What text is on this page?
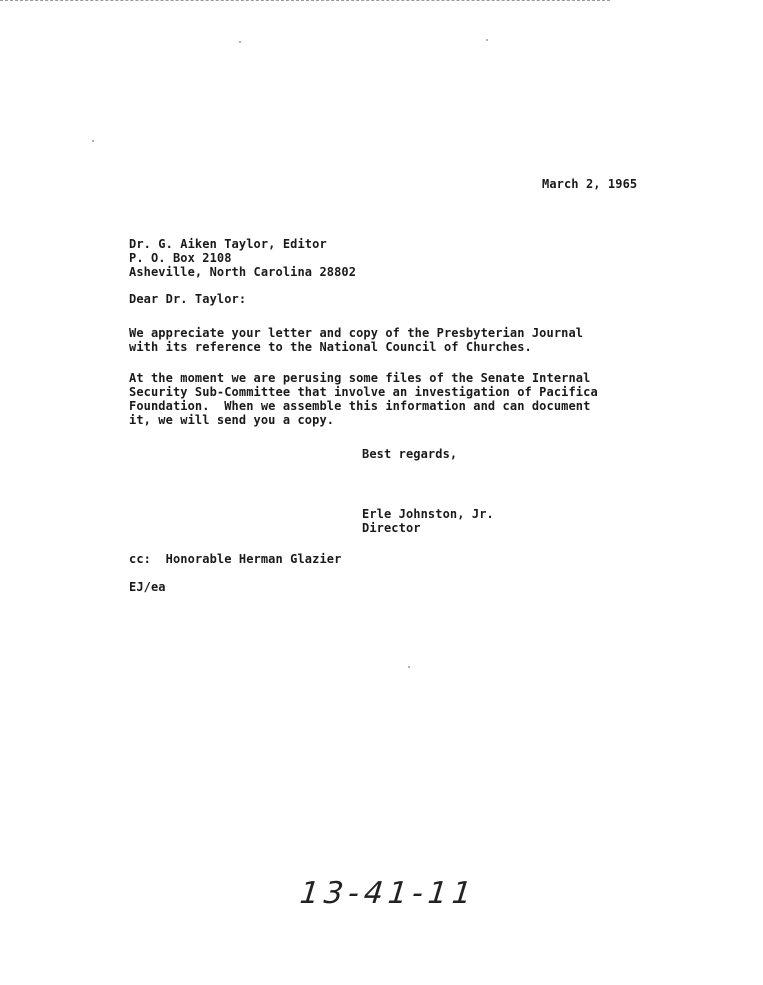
March 2, 1965
Dr. G. Aiken Taylor, Editor
P. O. Box 2108
Asheville, North Carolina 28802
Dear Dr. Taylor:
We appreciate your letter and copy of the Presbyterian Journal
with its reference to the National Council of Churches.
At the moment we are perusing some files of the Senate Internal
Security Sub-Committee that involve an investigation of Pacifica
Foundation.  When we assemble this information and can document
it, we will send you a copy.
Best regards,
Erle Johnston, Jr.
Director
cc:  Honorable Herman Glazier
EJ/ea
13-41-11
